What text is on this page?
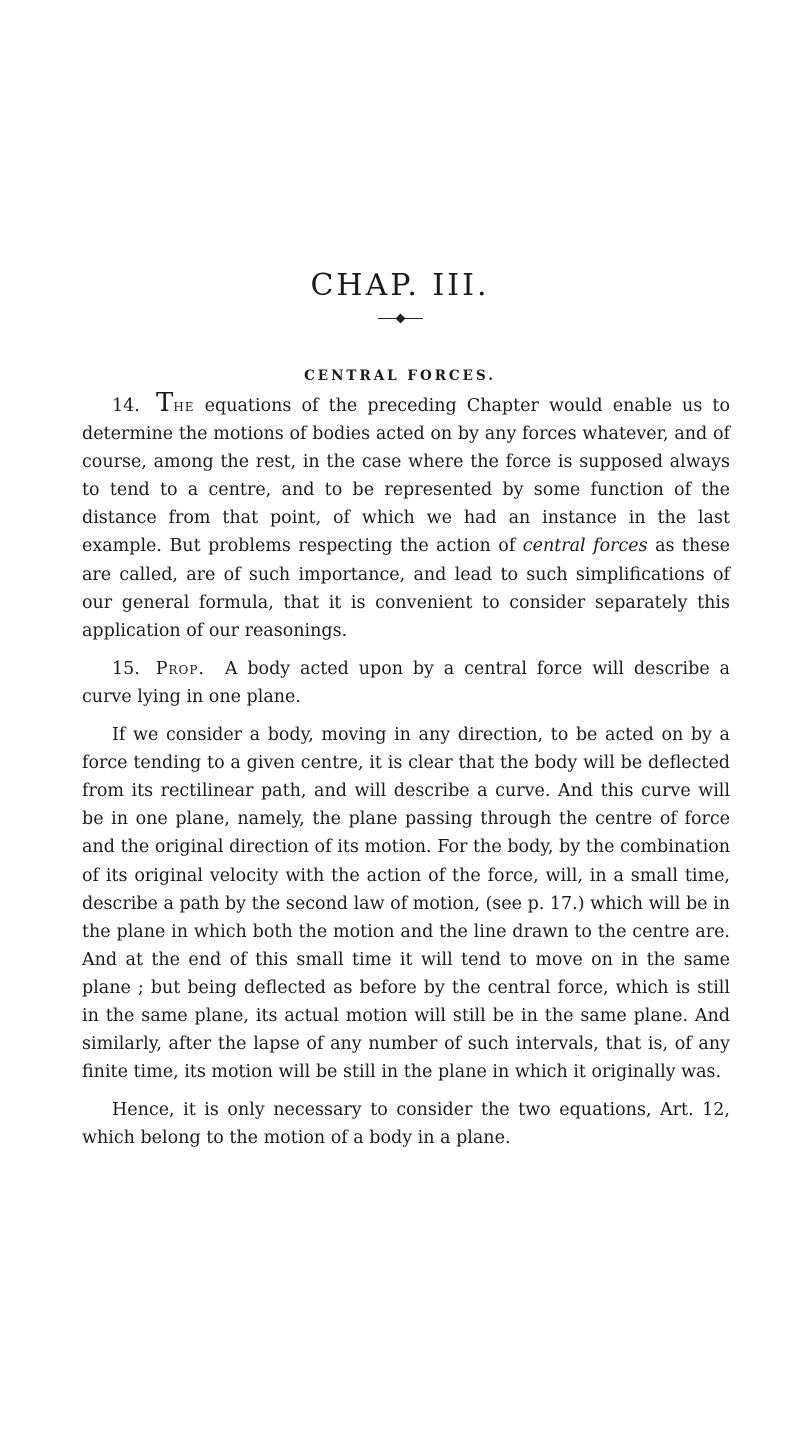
CHAP. III.
CENTRAL FORCES.

14. The equations of the preceding Chapter would enable us to determine the motions of bodies acted on by any forces whatever, and of course, among the rest, in the case where the force is supposed always to tend to a centre, and to be represented by some function of the distance from that point, of which we had an instance in the last example. But problems respecting the action of central forces as these are called, are of such importance, and lead to such simplifications of our general formula, that it is convenient to consider separately this application of our reasonings.

15. Prop. A body acted upon by a central force will describe a curve lying in one plane.

If we consider a body, moving in any direction, to be acted on by a force tending to a given centre, it is clear that the body will be deflected from its rectilinear path, and will describe a curve. And this curve will be in one plane, namely, the plane passing through the centre of force and the original direction of its motion. For the body, by the combination of its original velocity with the action of the force, will, in a small time, describe a path by the second law of motion, (see p. 17.) which will be in the plane in which both the motion and the line drawn to the centre are. And at the end of this small time it will tend to move on in the same plane ; but being deflected as before by the central force, which is still in the same plane, its actual motion will still be in the same plane. And similarly, after the lapse of any number of such intervals, that is, of any finite time, its motion will be still in the plane in which it originally was.

Hence, it is only necessary to consider the two equations, Art. 12, which belong to the motion of a body in a plane.
